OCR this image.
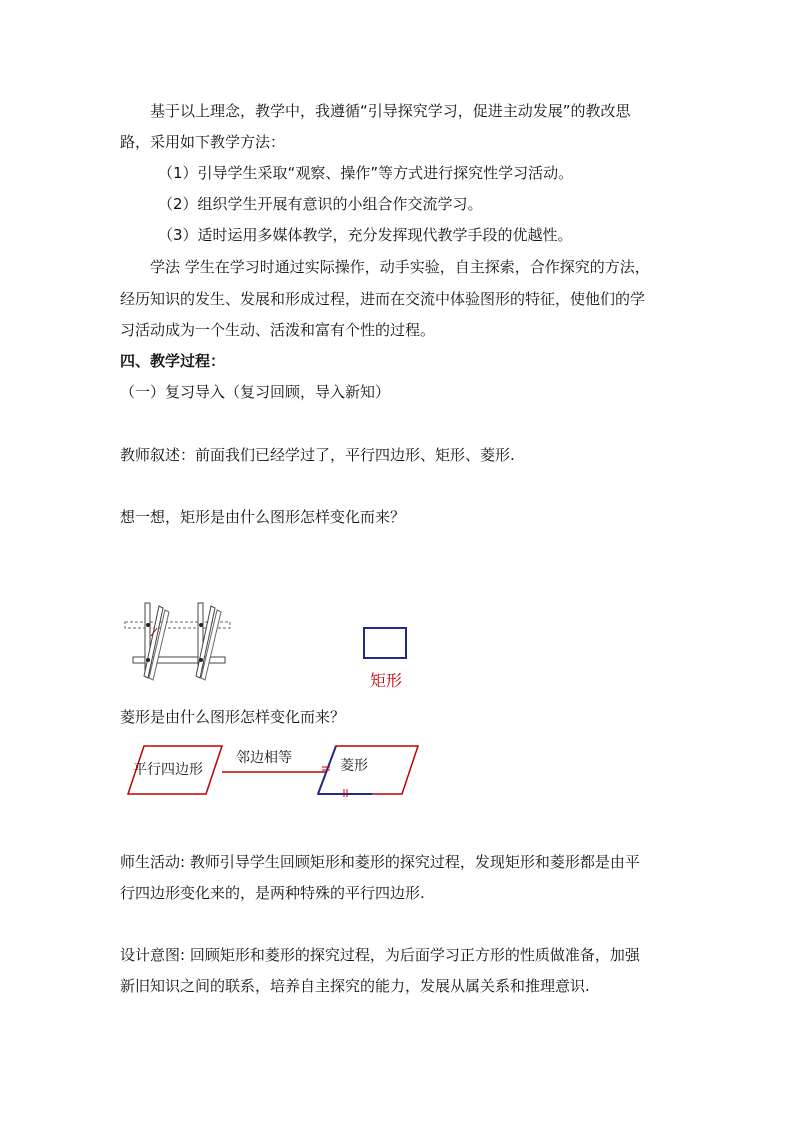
基于以上理念，教学中，我遵循“引导探究学习，促进主动发展”的教改思
路，采用如下教学方法：
（1）引导学生采取“观察、操作”等方式进行探究性学习活动。
（2）组织学生开展有意识的小组合作交流学习。
（3）适时运用多媒体教学，充分发挥现代教学手段的优越性。
学法 学生在学习时通过实际操作，动手实验，自主探索，合作探究的方法，
经历知识的发生、发展和形成过程，进而在交流中体验图形的特征，使他们的学
习活动成为一个生动、活泼和富有个性的过程。
四、教学过程：
（一）复习导入（复习回顾，导入新知）
教师叙述：前面我们已经学过了，平行四边形、矩形、菱形.
想一想，矩形是由什么图形怎样变化而来？
矩形
菱形是由什么图形怎样变化而来？
平行四边形
邻边相等	菱形
师生活动: 教师引导学生回顾矩形和菱形的探究过程，发现矩形和菱形都是由平
行四边形变化来的，是两种特殊的平行四边形.
设计意图: 回顾矩形和菱形的探究过程，为后面学习正方形的性质做准备，加强
新旧知识之间的联系，培养自主探究的能力，发展从属关系和推理意识.
